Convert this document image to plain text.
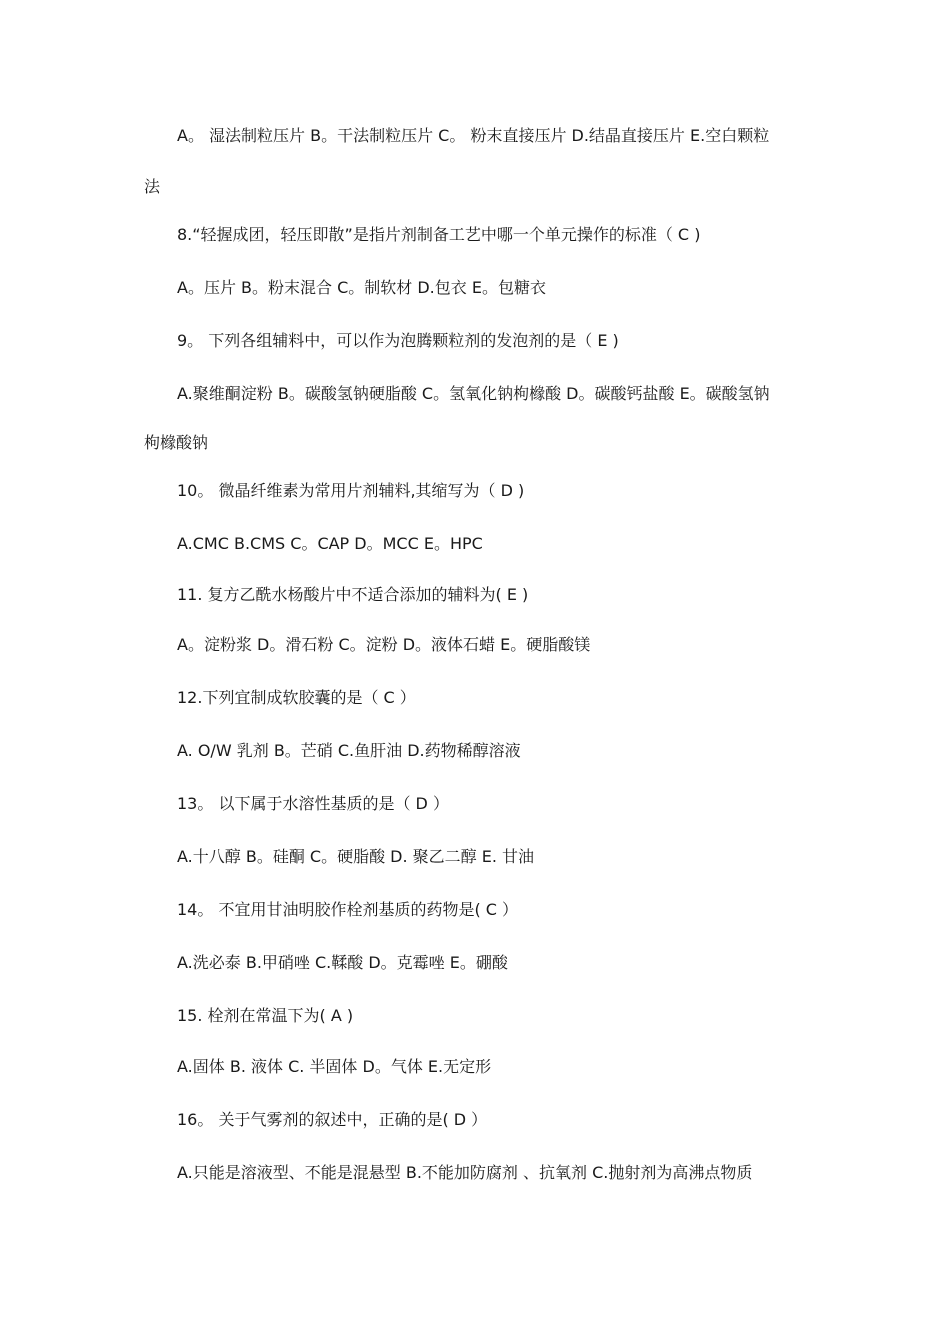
A。 湿法制粒压片 B。干法制粒压片 C。 粉末直接压片 D.结晶直接压片 E.空白颗粒
法
8.“轻握成团，轻压即散”是指片剂制备工艺中哪一个单元操作的标准（ C )
A。压片 B。粉末混合 C。制软材 D.包衣 E。包糖衣
9。 下列各组辅料中，可以作为泡腾颗粒剂的发泡剂的是（ E )
A.聚维酮淀粉 B。碳酸氢钠硬脂酸 C。氢氧化钠枸橼酸 D。碳酸钙盐酸 E。碳酸氢钠
枸橼酸钠
10。 微晶纤维素为常用片剂辅料,其缩写为（ D )
A.CMC B.CMS C。CAP D。MCC E。HPC
11. 复方乙酰水杨酸片中不适合添加的辅料为( E )
A。淀粉浆 D。滑石粉 C。淀粉 D。液体石蜡 E。硬脂酸镁
12.下列宜制成软胶囊的是（ C ）
A. O/W 乳剂 B。芒硝 C.鱼肝油 D.药物稀醇溶液
13。 以下属于水溶性基质的是（ D ）
A.十八醇 B。硅酮 C。硬脂酸 D. 聚乙二醇 E. 甘油
14。 不宜用甘油明胶作栓剂基质的药物是( C ）
A.洗必泰 B.甲硝唑 C.鞣酸 D。克霉唑 E。硼酸
15. 栓剂在常温下为( A )
A.固体 B. 液体 C. 半固体 D。气体 E.无定形
16。 关于气雾剂的叙述中，正确的是( D ）
A.只能是溶液型、不能是混悬型 B.不能加防腐剂 、抗氧剂 C.抛射剂为高沸点物质
